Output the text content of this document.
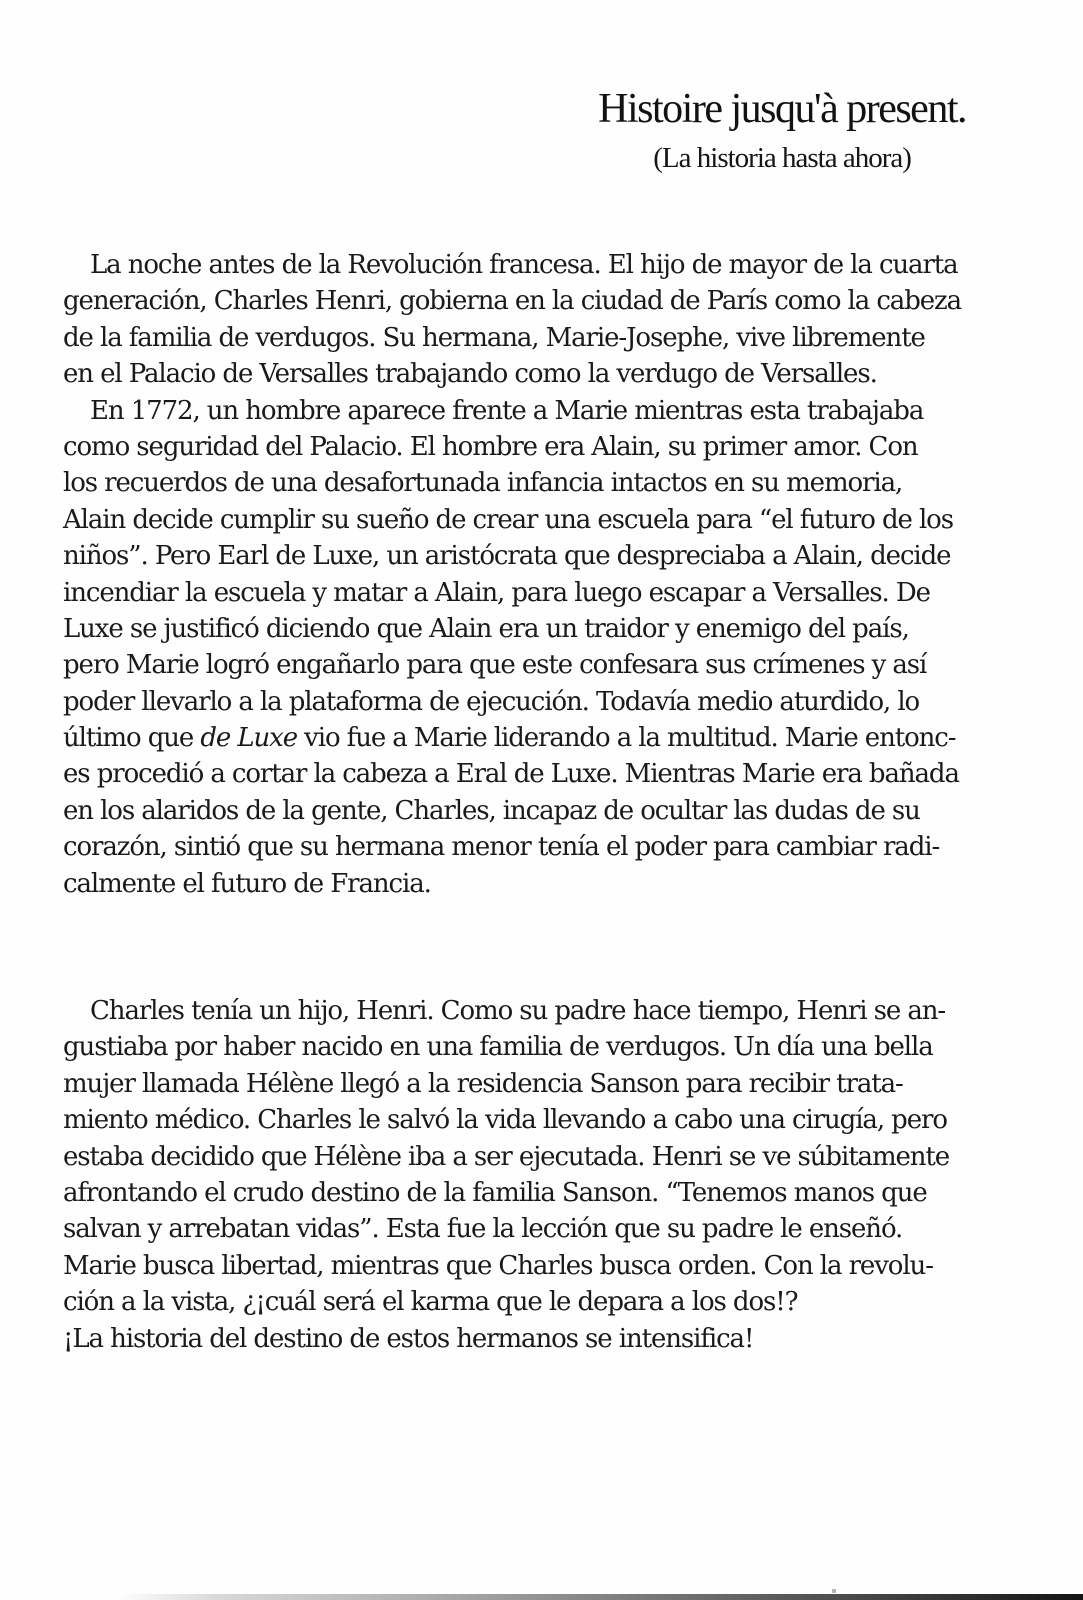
Histoire jusqu'à present.
(La historia hasta ahora)
La noche antes de la Revolución francesa. El hijo de mayor de la cuarta
generación, Charles Henri, gobierna en la ciudad de París como la cabeza
de la familia de verdugos. Su hermana, Marie-Josephe, vive libremente
en el Palacio de Versalles trabajando como la verdugo de Versalles.
En 1772, un hombre aparece frente a Marie mientras esta trabajaba
como seguridad del Palacio. El hombre era Alain, su primer amor. Con
los recuerdos de una desafortunada infancia intactos en su memoria,
Alain decide cumplir su sueño de crear una escuela para “el futuro de los
niños”. Pero Earl de Luxe, un aristócrata que despreciaba a Alain, decide
incendiar la escuela y matar a Alain, para luego escapar a Versalles. De
Luxe se justificó diciendo que Alain era un traidor y enemigo del país,
pero Marie logró engañarlo para que este confesara sus crímenes y así
poder llevarlo a la plataforma de ejecución. Todavía medio aturdido, lo
último que de Luxe vio fue a Marie liderando a la multitud. Marie entonc-
es procedió a cortar la cabeza a Eral de Luxe. Mientras Marie era bañada
en los alaridos de la gente, Charles, incapaz de ocultar las dudas de su
corazón, sintió que su hermana menor tenía el poder para cambiar radi-
calmente el futuro de Francia.
Charles tenía un hijo, Henri. Como su padre hace tiempo, Henri se an-
gustiaba por haber nacido en una familia de verdugos. Un día una bella
mujer llamada Hélène llegó a la residencia Sanson para recibir trata-
miento médico. Charles le salvó la vida llevando a cabo una cirugía, pero
estaba decidido que Hélène iba a ser ejecutada. Henri se ve súbitamente
afrontando el crudo destino de la familia Sanson. “Tenemos manos que
salvan y arrebatan vidas”. Esta fue la lección que su padre le enseñó.
Marie busca libertad, mientras que Charles busca orden. Con la revolu-
ción a la vista, ¿¡cuál será el karma que le depara a los dos!?
¡La historia del destino de estos hermanos se intensifica!
